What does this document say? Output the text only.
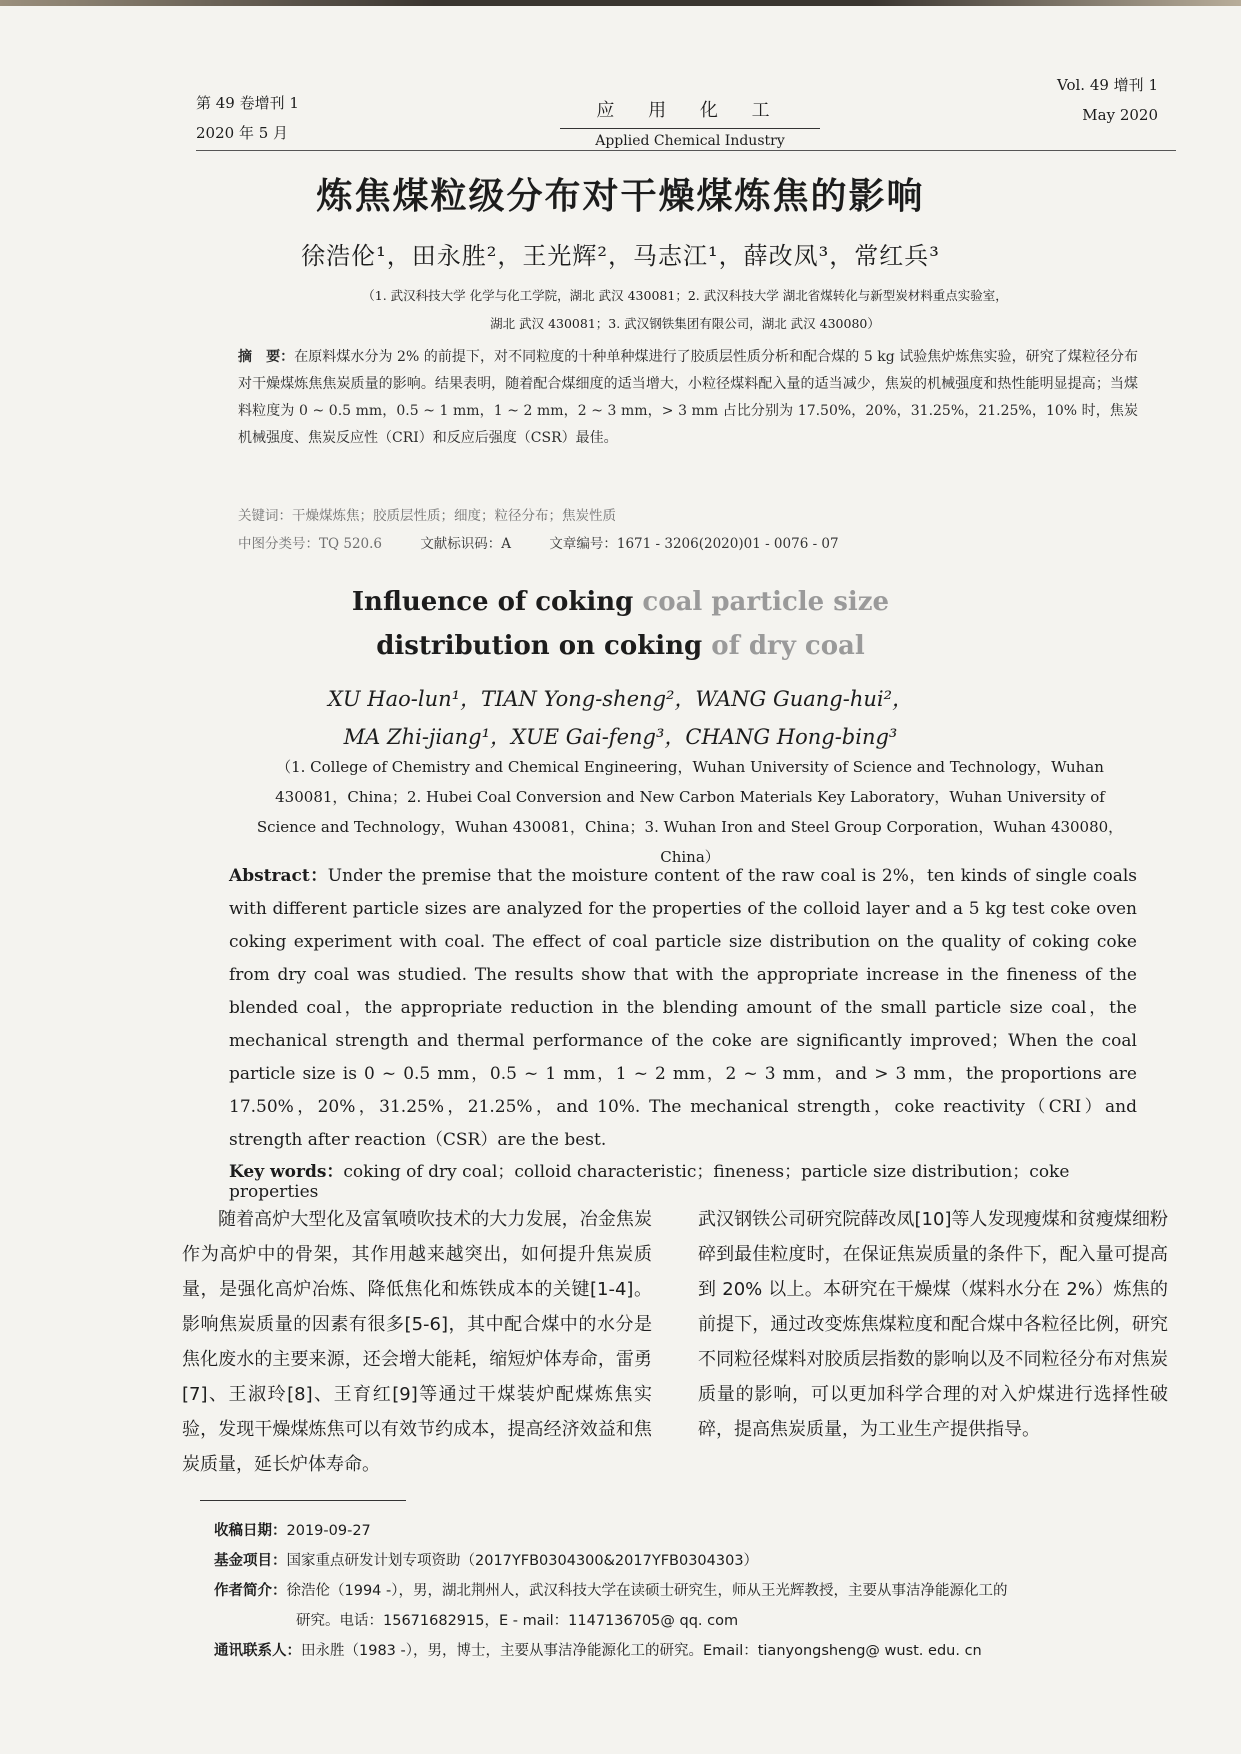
第 49 卷增刊 1
2020 年 5 月
应 用 化 工
Applied Chemical Industry
Vol. 49 增刊 1
May 2020
炼焦煤粒级分布对干燥煤炼焦的影响
徐浩伦¹，田永胜²，王光辉²，马志江¹，薛改凤³，常红兵³
（1. 武汉科技大学 化学与化工学院，湖北 武汉 430081；2. 武汉科技大学 湖北省煤转化与新型炭材料重点实验室，
湖北 武汉 430081；3. 武汉钢铁集团有限公司，湖北 武汉 430080）
摘　要：在原料煤水分为 2% 的前提下，对不同粒度的十种单种煤进行了胶质层性质分析和配合煤的 5 kg 试验焦炉炼焦实验，研究了煤粒径分布对干燥煤炼焦焦炭质量的影响。结果表明，随着配合煤细度的适当增大，小粒径煤料配入量的适当减少，焦炭的机械强度和热性能明显提高；当煤料粒度为 0 ~ 0.5 mm，0.5 ~ 1 mm，1 ~ 2 mm，2 ~ 3 mm，> 3 mm 占比分别为 17.50%，20%，31.25%，21.25%，10% 时，焦炭机械强度、焦炭反应性（CRI）和反应后强度（CSR）最佳。
关键词：干燥煤炼焦；胶质层性质；细度；粒径分布；焦炭性质
中图分类号：TQ 520.6	文献标识码：A	文章编号：1671 - 3206(2020)01 - 0076 - 07
Influence of coking coal particle size
distribution on coking of dry coal
XU Hao-lun¹，TIAN Yong-sheng²，WANG Guang-hui²，
MA Zhi-jiang¹，XUE Gai-feng³，CHANG Hong-bing³
（1. College of Chemistry and Chemical Engineering，Wuhan University of Science and Technology，Wuhan 430081，China；2. Hubei Coal Conversion and New Carbon Materials Key Laboratory，Wuhan University of Science and Technology，Wuhan 430081，China；3. Wuhan Iron and Steel Group Corporation，Wuhan 430080，China）
Abstract：Under the premise that the moisture content of the raw coal is 2%，ten kinds of single coals with different particle sizes are analyzed for the properties of the colloid layer and a 5 kg test coke oven coking experiment with coal. The effect of coal particle size distribution on the quality of coking coke from dry coal was studied. The results show that with the appropriate increase in the fineness of the blended coal，the appropriate reduction in the blending amount of the small particle size coal，the mechanical strength and thermal performance of the coke are significantly improved；When the coal particle size is 0 ~ 0.5 mm，0.5 ~ 1 mm，1 ~ 2 mm，2 ~ 3 mm，and > 3 mm，the proportions are 17.50%，20%，31.25%，21.25%，and 10%. The mechanical strength，coke reactivity（CRI）and strength after reaction（CSR）are the best.
Key words：coking of dry coal；colloid characteristic；fineness；particle size distribution；coke properties
随着高炉大型化及富氧喷吹技术的大力发展，冶金焦炭作为高炉中的骨架，其作用越来越突出，如何提升焦炭质量，是强化高炉冶炼、降低焦化和炼铁成本的关键[1-4]。影响焦炭质量的因素有很多[5-6]，其中配合煤中的水分是焦化废水的主要来源，还会增大能耗，缩短炉体寿命，雷勇[7]、王淑玲[8]、王育红[9]等通过干煤装炉配煤炼焦实验，发现干燥煤炼焦可以有效节约成本，提高经济效益和焦炭质量，延长炉体寿命。
武汉钢铁公司研究院薛改凤[10]等人发现瘦煤和贫瘦煤细粉碎到最佳粒度时，在保证焦炭质量的条件下，配入量可提高到 20% 以上。本研究在干燥煤（煤料水分在 2%）炼焦的前提下，通过改变炼焦煤粒度和配合煤中各粒径比例，研究不同粒径煤料对胶质层指数的影响以及不同粒径分布对焦炭质量的影响，可以更加科学合理的对入炉煤进行选择性破碎，提高焦炭质量，为工业生产提供指导。
收稿日期：2019-09-27
基金项目：国家重点研发计划专项资助（2017YFB0304300&2017YFB0304303）
作者简介：徐浩伦（1994 -），男，湖北荆州人，武汉科技大学在读硕士研究生，师从王光辉教授，主要从事洁净能源化工的
研究。电话：15671682915，E - mail：1147136705@ qq. com
通讯联系人：田永胜（1983 -），男，博士，主要从事洁净能源化工的研究。Email：tianyongsheng@ wust. edu. cn
